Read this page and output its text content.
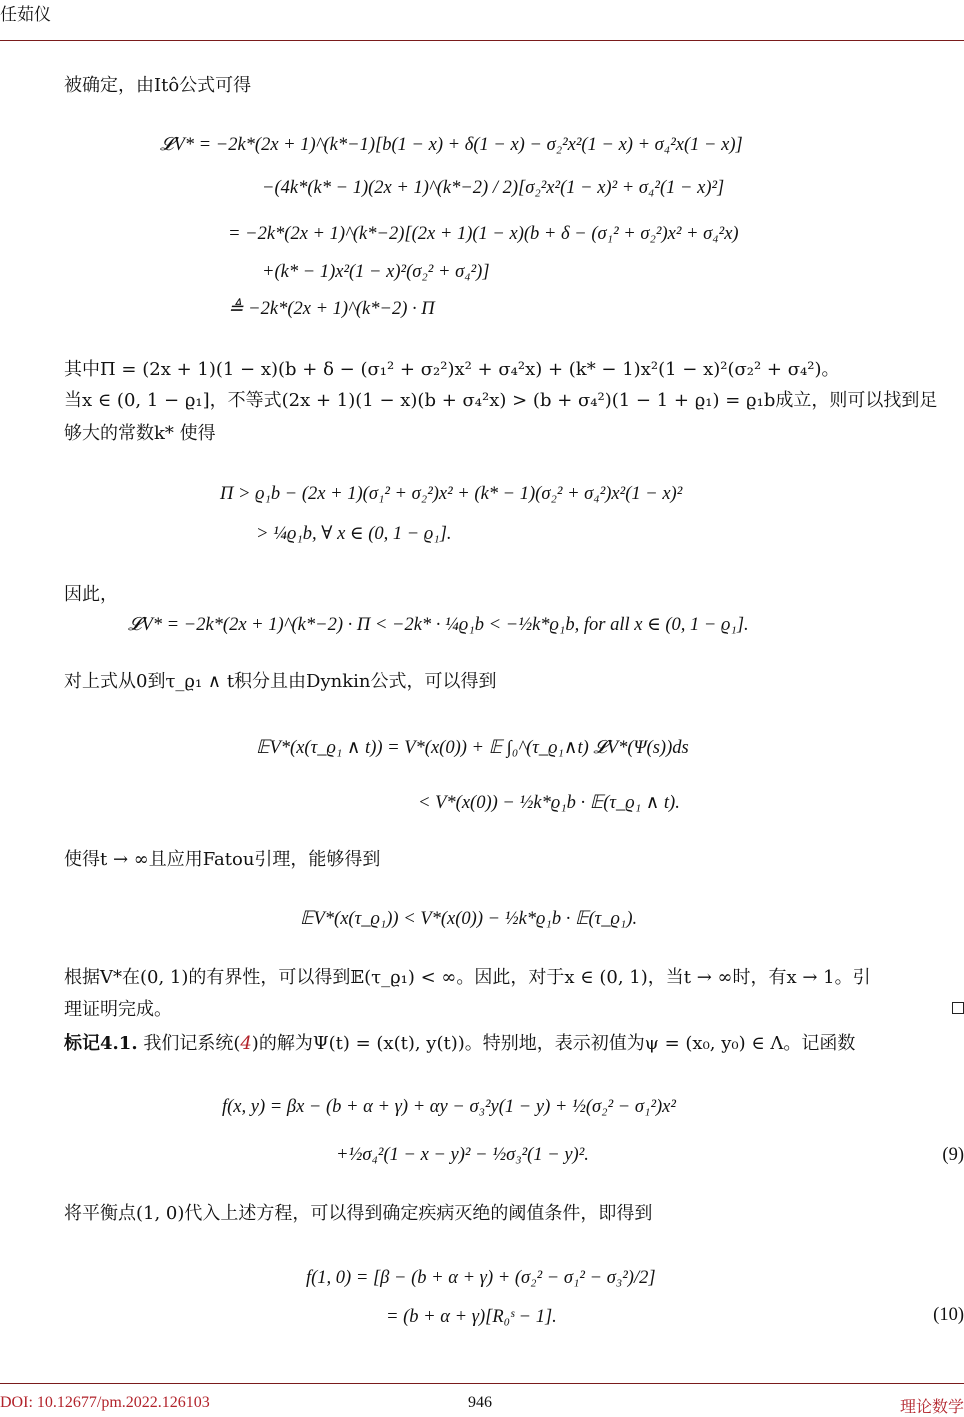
任茹仪
被确定，由Itô公式可得
𝓛V* = −2k*(2x + 1)^(k*−1)[b(1 − x) + δ(1 − x) − σ₂²x²(1 − x) + σ₄²x(1 − x)]
−(4k*(k* − 1)(2x + 1)^(k*−2) / 2)[σ₂²x²(1 − x)² + σ₄²(1 − x)²]
= −2k*(2x + 1)^(k*−2)[(2x + 1)(1 − x)(b + δ − (σ₁² + σ₂²)x² + σ₄²x)
+(k* − 1)x²(1 − x)²(σ₂² + σ₄²)]
≜ −2k*(2x + 1)^(k*−2) · Π
其中Π = (2x + 1)(1 − x)(b + δ − (σ₁² + σ₂²)x² + σ₄²x) + (k* − 1)x²(1 − x)²(σ₂² + σ₄²)。
当x ∈ (0, 1 − ϱ₁]，不等式(2x + 1)(1 − x)(b + σ₄²x) > (b + σ₄²)(1 − 1 + ϱ₁) = ϱ₁b成立，则可以找到足
够大的常数k* 使得
Π > ϱ₁b − (2x + 1)(σ₁² + σ₂²)x² + (k* − 1)(σ₂² + σ₄²)x²(1 − x)²
> ¼ϱ₁b, ∀ x ∈ (0, 1 − ϱ₁].
因此，
𝓛V* = −2k*(2x + 1)^(k*−2) · Π < −2k* · ¼ϱ₁b < −½k*ϱ₁b, for all x ∈ (0, 1 − ϱ₁].
对上式从0到τ_ϱ₁ ∧ t积分且由Dynkin公式，可以得到
𝔼V*(x(τ_ϱ₁ ∧ t)) = V*(x(0)) + 𝔼 ∫₀^(τ_ϱ₁∧t) 𝓛V*(Ψ(s))ds
< V*(x(0)) − ½k*ϱ₁b · 𝔼(τ_ϱ₁ ∧ t).
使得t → ∞且应用Fatou引理，能够得到
𝔼V*(x(τ_ϱ₁)) < V*(x(0)) − ½k*ϱ₁b · 𝔼(τ_ϱ₁).
根据V*在(0, 1)的有界性，可以得到𝔼(τ_ϱ₁) < ∞。因此，对于x ∈ (0, 1)，当t → ∞时，有x → 1。引
理证明完成。
标记4.1. 我们记系统(4)的解为Ψ(t) = (x(t), y(t))。特别地，表示初值为ψ = (x₀, y₀) ∈ Λ。记函数
f(x, y) = βx − (b + α + γ) + αy − σ₃²y(1 − y) + ½(σ₂² − σ₁²)x²
+½σ₄²(1 − x − y)² − ½σ₃²(1 − y)².	(9)
将平衡点(1, 0)代入上述方程，可以得到确定疾病灭绝的阈值条件，即得到
f(1, 0) = [β − (b + α + γ) + (σ₂² − σ₁² − σ₃²)/2]
= (b + α + γ)[R₀ˢ − 1].	(10)
DOI: 10.12677/pm.2022.126103	946	理论数学
